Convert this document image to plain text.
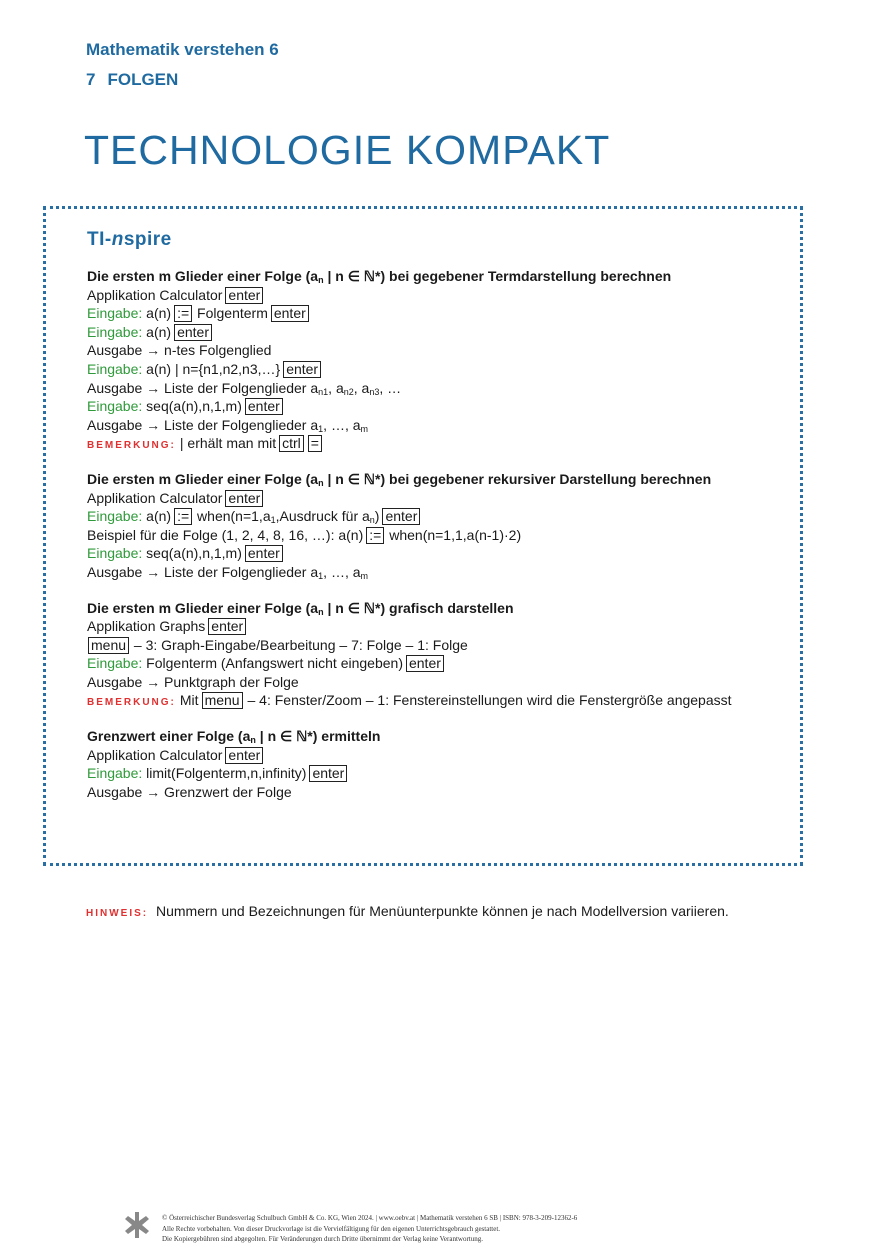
Mathematik verstehen 6
7 FOLGEN
TECHNOLOGIE KOMPAKT
TI-nspire
Die ersten m Glieder einer Folge ($a_n$ | n ∈ ℕ*) bei gegebener Termdarstellung berechnen
Applikation Calculator enter
Eingabe: a(n) := Folgenterm enter
Eingabe: a(n) enter
Ausgabe → n-tes Folgenglied
Eingabe: a(n) | n={n1,n2,n3,…} enter
Ausgabe → Liste der Folgenglieder $a_{n1}$, $a_{n2}$, $a_{n3}$, …
Eingabe: seq(a(n),n,1,m) enter
Ausgabe → Liste der Folgenglieder $a_1$, …, $a_m$
BEMERKUNG: | erhält man mit ctrl =
Die ersten m Glieder einer Folge ($a_n$ | n ∈ ℕ*) bei gegebener rekursiver Darstellung berechnen
Applikation Calculator enter
Eingabe: a(n) := $when(n=1,a_1,Ausdruck$ für $a_n$) enter
Beispiel für die Folge (1, 2, 4, 8, 16, …): a(n) := when(n=1,1,a(n-1)·2)
Eingabe: seq(a(n),n,1,m) enter
Ausgabe → Liste der Folgenglieder $a_1$, …, $a_m$
Die ersten m Glieder einer Folge ($a_n$ | n ∈ ℕ*) grafisch darstellen
Applikation Graphs enter
menu – 3: Graph-Eingabe/Bearbeitung – 7: Folge – 1: Folge
Eingabe: Folgenterm (Anfangswert nicht eingeben) enter
Ausgabe → Punktgraph der Folge
BEMERKUNG: Mit menu – 4: Fenster/Zoom – 1: Fenstereinstellungen wird die Fenstergröße angepasst
Grenzwert einer Folge ($a_n$ | n ∈ ℕ*) ermitteln
Applikation Calculator enter
Eingabe: limit(Folgenterm,n,infinity) enter
Ausgabe → Grenzwert der Folge
HINWEIS: Nummern und Bezeichnungen für Menüunterpunkte können je nach Modellversion variieren.
© Österreichischer Bundesverlag Schulbuch GmbH & Co. KG, Wien 2024. | www.oebv.at | Mathematik verstehen 6 SB | ISBN: 978-3-209-12362-6
Alle Rechte vorbehalten. Von dieser Druckvorlage ist die Vervielfältigung für den eigenen Unterrichtsgebrauch gestattet.
Die Kopiergebühren sind abgegolten. Für Veränderungen durch Dritte übernimmt der Verlag keine Verantwortung.
